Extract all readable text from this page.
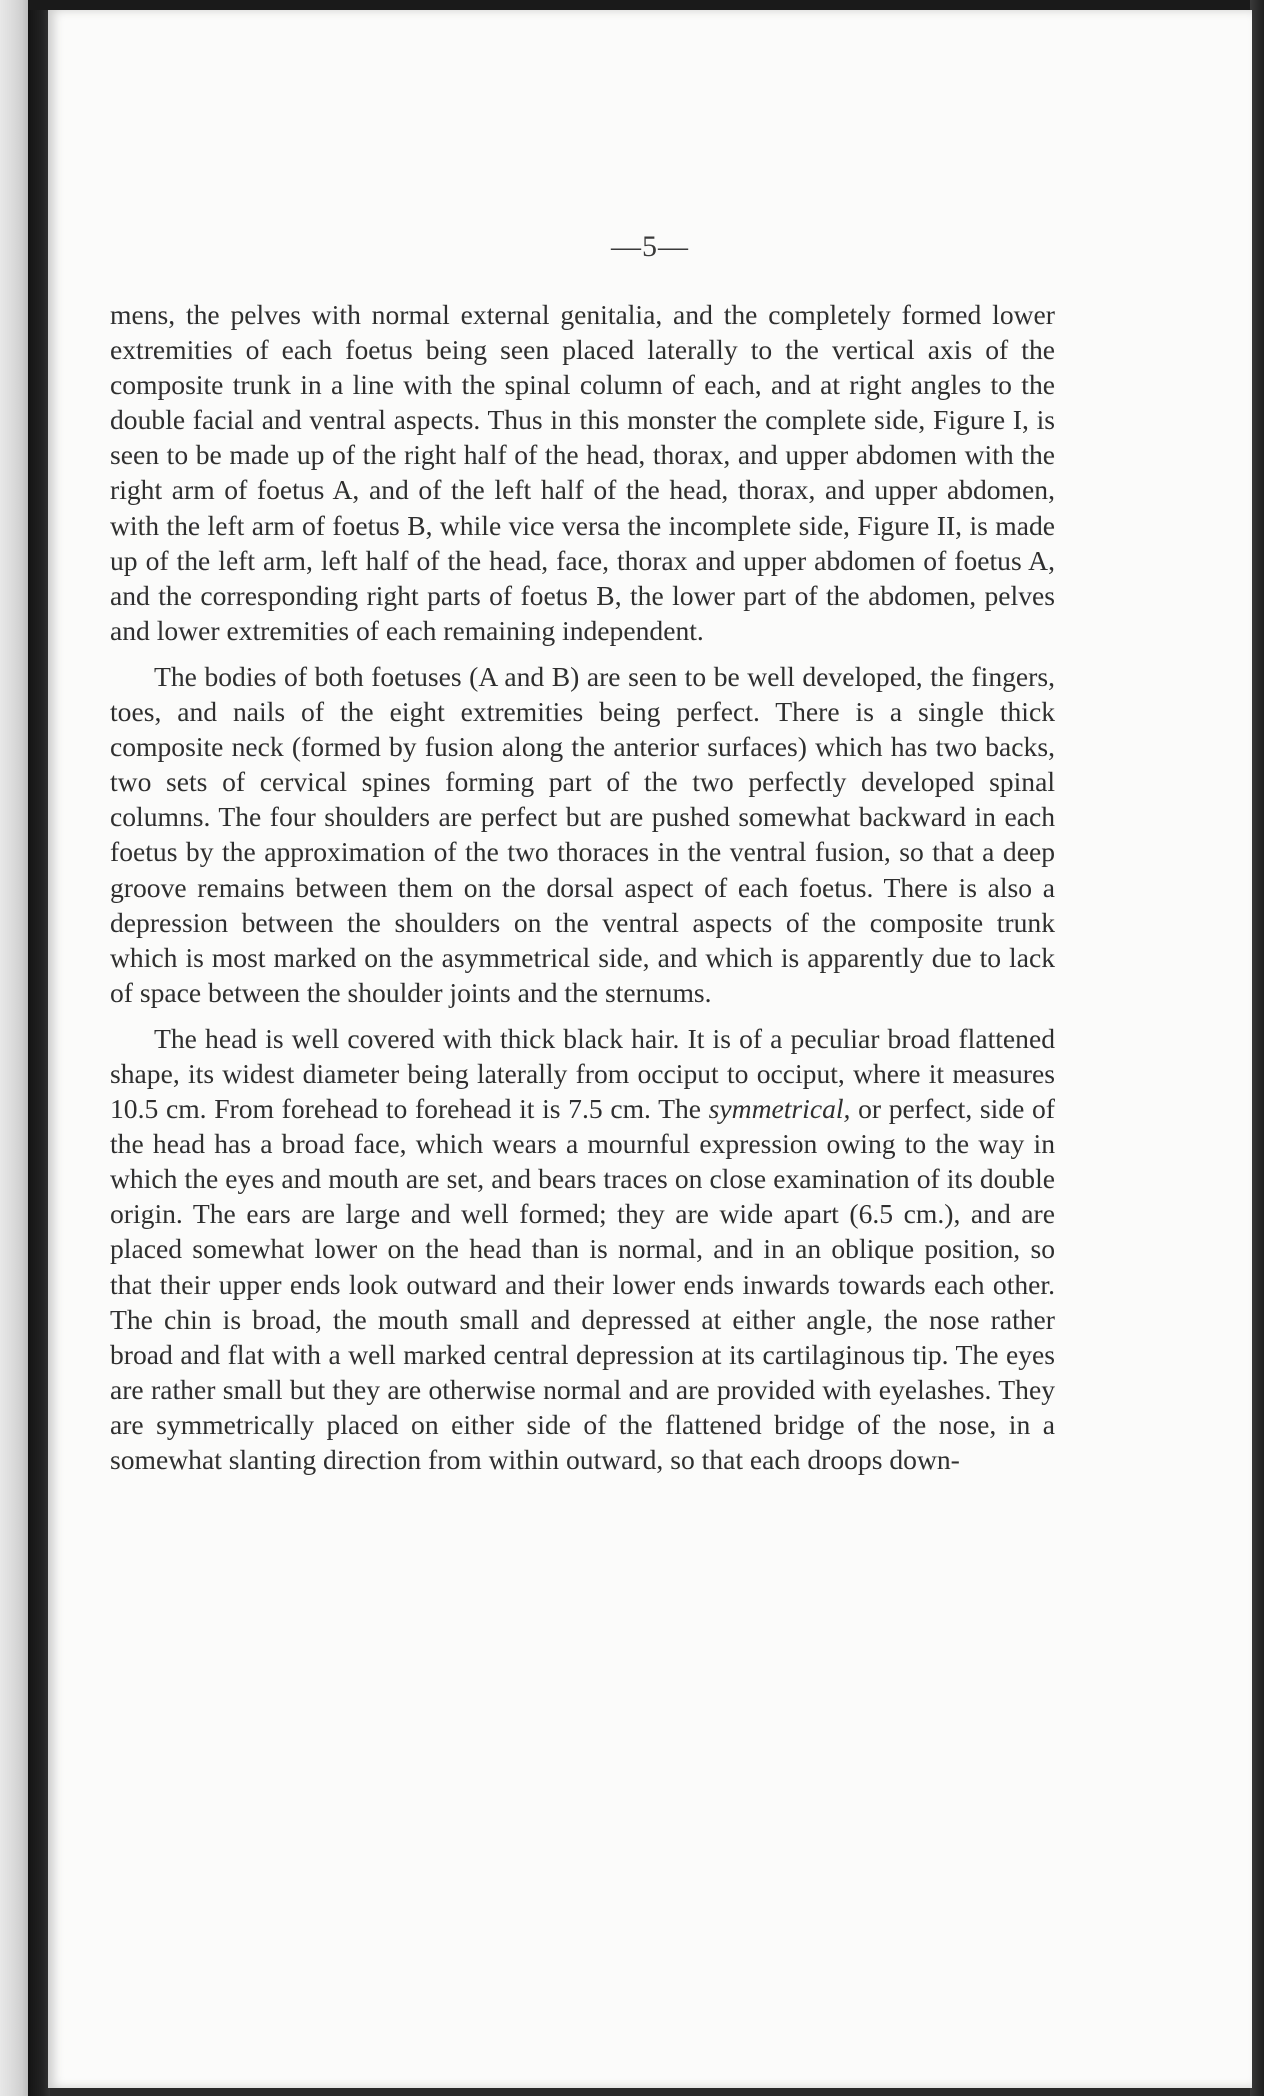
—5—

mens, the pelves with normal external genitalia, and the completely formed lower extremities of each foetus being seen placed laterally to the vertical axis of the composite trunk in a line with the spinal column of each, and at right angles to the double facial and ventral aspects. Thus in this monster the complete side, Figure I, is seen to be made up of the right half of the head, thorax, and upper abdomen with the right arm of foetus A, and of the left half of the head, thorax, and upper abdomen, with the left arm of foetus B, while vice versa the incomplete side, Figure II, is made up of the left arm, left half of the head, face, thorax and upper abdomen of foetus A, and the corresponding right parts of foetus B, the lower part of the abdomen, pelves and lower extremities of each remaining independent.

The bodies of both foetuses (A and B) are seen to be well developed, the fingers, toes, and nails of the eight extremities being perfect. There is a single thick composite neck (formed by fusion along the anterior surfaces) which has two backs, two sets of cervical spines forming part of the two perfectly developed spinal columns. The four shoulders are perfect but are pushed somewhat backward in each foetus by the approximation of the two thoraces in the ventral fusion, so that a deep groove remains between them on the dorsal aspect of each foetus. There is also a depression between the shoulders on the ventral aspects of the composite trunk which is most marked on the asymmetrical side, and which is apparently due to lack of space between the shoulder joints and the sternums.

The head is well covered with thick black hair. It is of a peculiar broad flattened shape, its widest diameter being laterally from occiput to occiput, where it measures 10.5 cm. From forehead to forehead it is 7.5 cm. The symmetrical, or perfect, side of the head has a broad face, which wears a mournful expression owing to the way in which the eyes and mouth are set, and bears traces on close examination of its double origin. The ears are large and well formed; they are wide apart (6.5 cm.), and are placed somewhat lower on the head than is normal, and in an oblique position, so that their upper ends look outward and their lower ends inwards towards each other. The chin is broad, the mouth small and depressed at either angle, the nose rather broad and flat with a well marked central depression at its cartilaginous tip. The eyes are rather small but they are otherwise normal and are provided with eyelashes. They are symmetrically placed on either side of the flattened bridge of the nose, in a somewhat slanting direction from within outward, so that each droops down-
